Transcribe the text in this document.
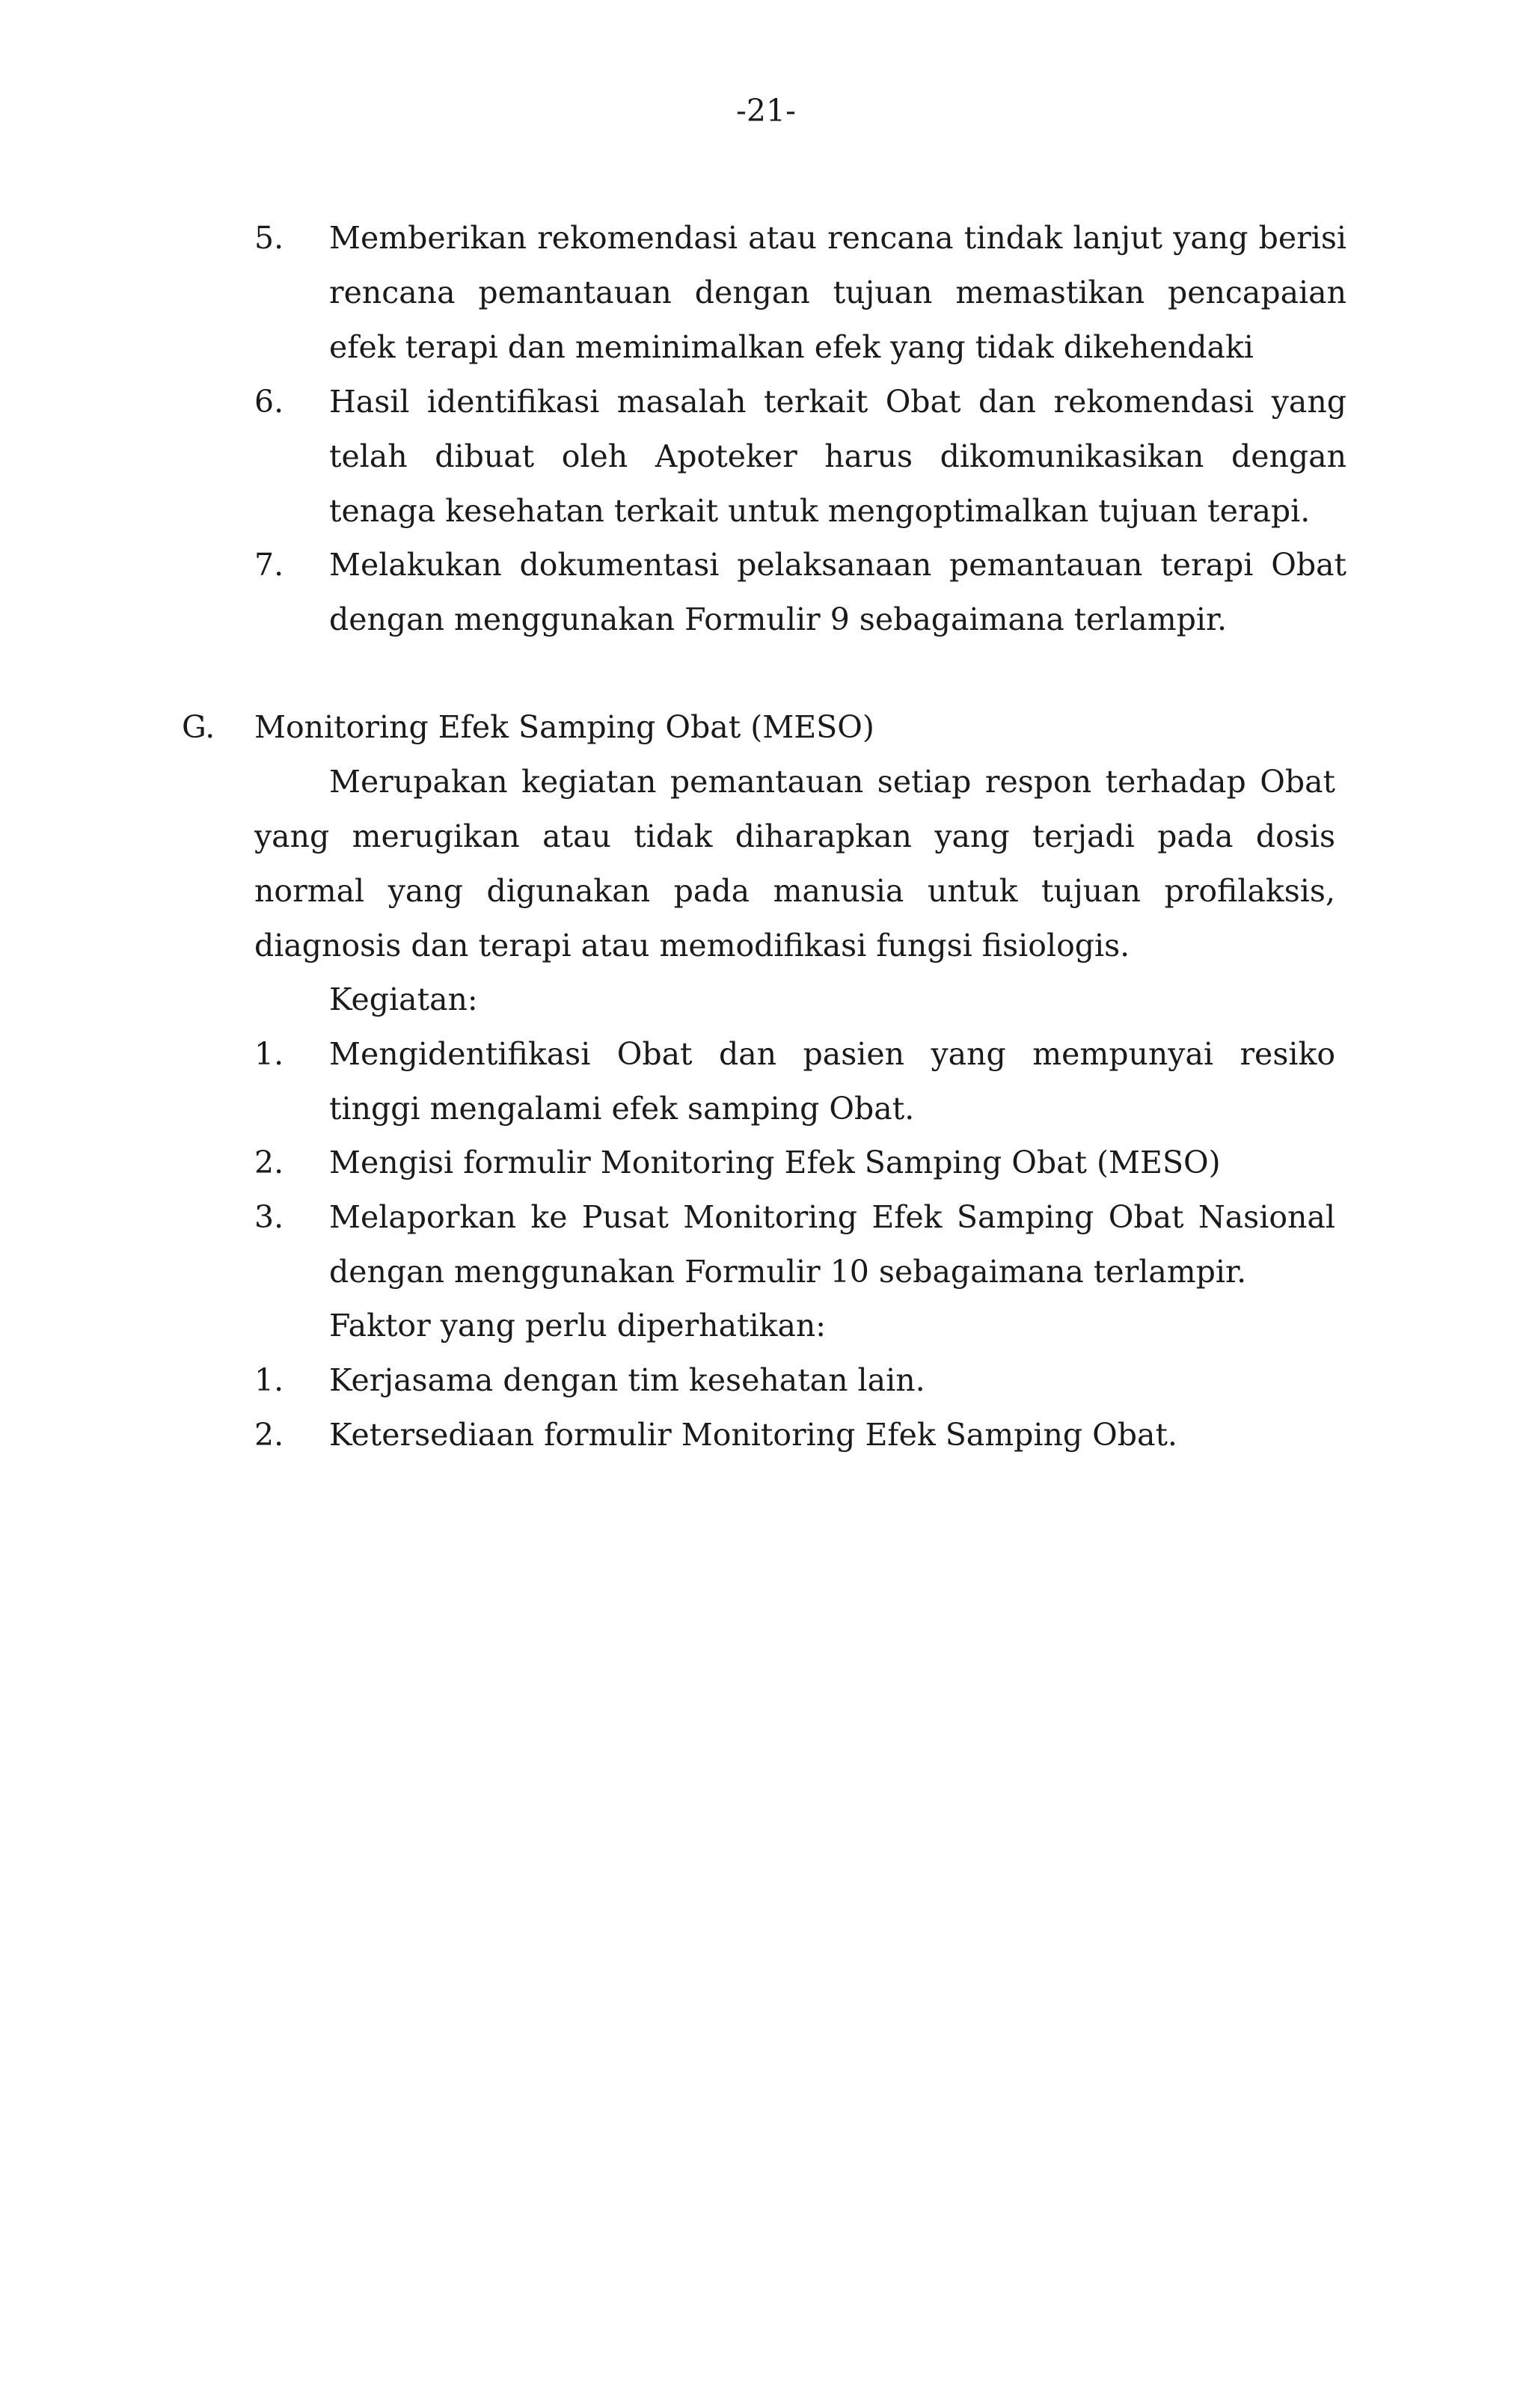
-21-
5. Memberikan rekomendasi atau rencana tindak lanjut yang berisi rencana pemantauan dengan tujuan memastikan pencapaian efek terapi dan meminimalkan efek yang tidak dikehendaki
6. Hasil identifikasi masalah terkait Obat dan rekomendasi yang telah dibuat oleh Apoteker harus dikomunikasikan dengan tenaga kesehatan terkait untuk mengoptimalkan tujuan terapi.
7. Melakukan dokumentasi pelaksanaan pemantauan terapi Obat dengan menggunakan Formulir 9 sebagaimana terlampir.
G. Monitoring Efek Samping Obat (MESO)
Merupakan kegiatan pemantauan setiap respon terhadap Obat yang merugikan atau tidak diharapkan yang terjadi pada dosis normal yang digunakan pada manusia untuk tujuan profilaksis, diagnosis dan terapi atau memodifikasi fungsi fisiologis.
Kegiatan:
1. Mengidentifikasi Obat dan pasien yang mempunyai resiko tinggi mengalami efek samping Obat.
2. Mengisi formulir Monitoring Efek Samping Obat (MESO)
3. Melaporkan ke Pusat Monitoring Efek Samping Obat Nasional dengan menggunakan Formulir 10 sebagaimana terlampir.
Faktor yang perlu diperhatikan:
1. Kerjasama dengan tim kesehatan lain.
2. Ketersediaan formulir Monitoring Efek Samping Obat.
